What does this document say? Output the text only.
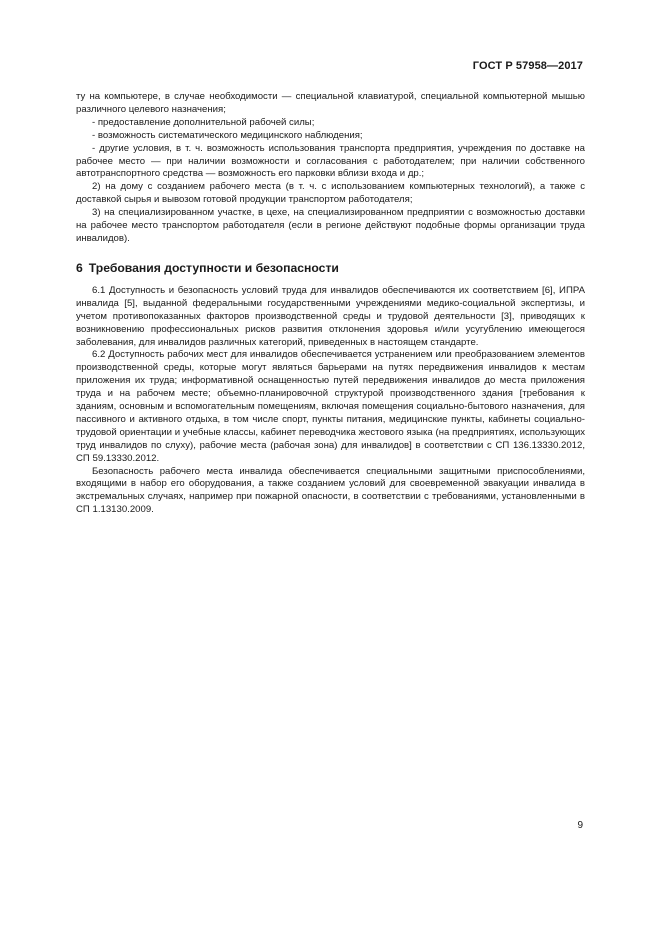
ГОСТ Р 57958—2017

ту на компьютере, в случае необходимости — специальной клавиатурой, специальной компьютерной мышью различного целевого назначения;

- предоставление дополнительной рабочей силы;

- возможность систематического медицинского наблюдения;

- другие условия, в т. ч. возможность использования транспорта предприятия, учреждения по доставке на рабочее место — при наличии возможности и согласования с работодателем; при наличии собственного автотранспортного средства — возможность его парковки вблизи входа и др.;

2) на дому с созданием рабочего места (в т. ч. с использованием компьютерных технологий), а также с доставкой сырья и вывозом готовой продукции транспортом работодателя;

3) на специализированном участке, в цехе, на специализированном предприятии с возможностью доставки на рабочее место транспортом работодателя (если в регионе действуют подобные формы организации труда инвалидов).

6 Требования доступности и безопасности

6.1 Доступность и безопасность условий труда для инвалидов обеспечиваются их соответствием [6], ИПРА инвалида [5], выданной федеральными государственными учреждениями медико-социальной экспертизы, и учетом противопоказанных факторов производственной среды и трудовой деятельности [3], приводящих к возникновению профессиональных рисков развития отклонения здоровья и/или усугублению имеющегося заболевания, для инвалидов различных категорий, приведенных в настоящем стандарте.

6.2 Доступность рабочих мест для инвалидов обеспечивается устранением или преобразованием элементов производственной среды, которые могут являться барьерами на путях передвижения инвалидов к местам приложения их труда; информативной оснащенностью путей передвижения инвалидов до места приложения труда и на рабочем месте; объемно-планировочной структурой производственного здания [требования к зданиям, основным и вспомогательным помещениям, включая помещения социально-бытового назначения, для пассивного и активного отдыха, в том числе спорт, пункты питания, медицинские пункты, кабинеты социально-трудовой ориентации и учебные классы, кабинет переводчика жестового языка (на предприятиях, использующих труд инвалидов по слуху), рабочие места (рабочая зона) для инвалидов] в соответствии с СП 136.13330.2012, СП 59.13330.2012.

Безопасность рабочего места инвалида обеспечивается специальными защитными приспособлениями, входящими в набор его оборудования, а также созданием условий для своевременной эвакуации инвалида в экстремальных случаях, например при пожарной опасности, в соответствии с требованиями, установленными в СП 1.13130.2009.

9
